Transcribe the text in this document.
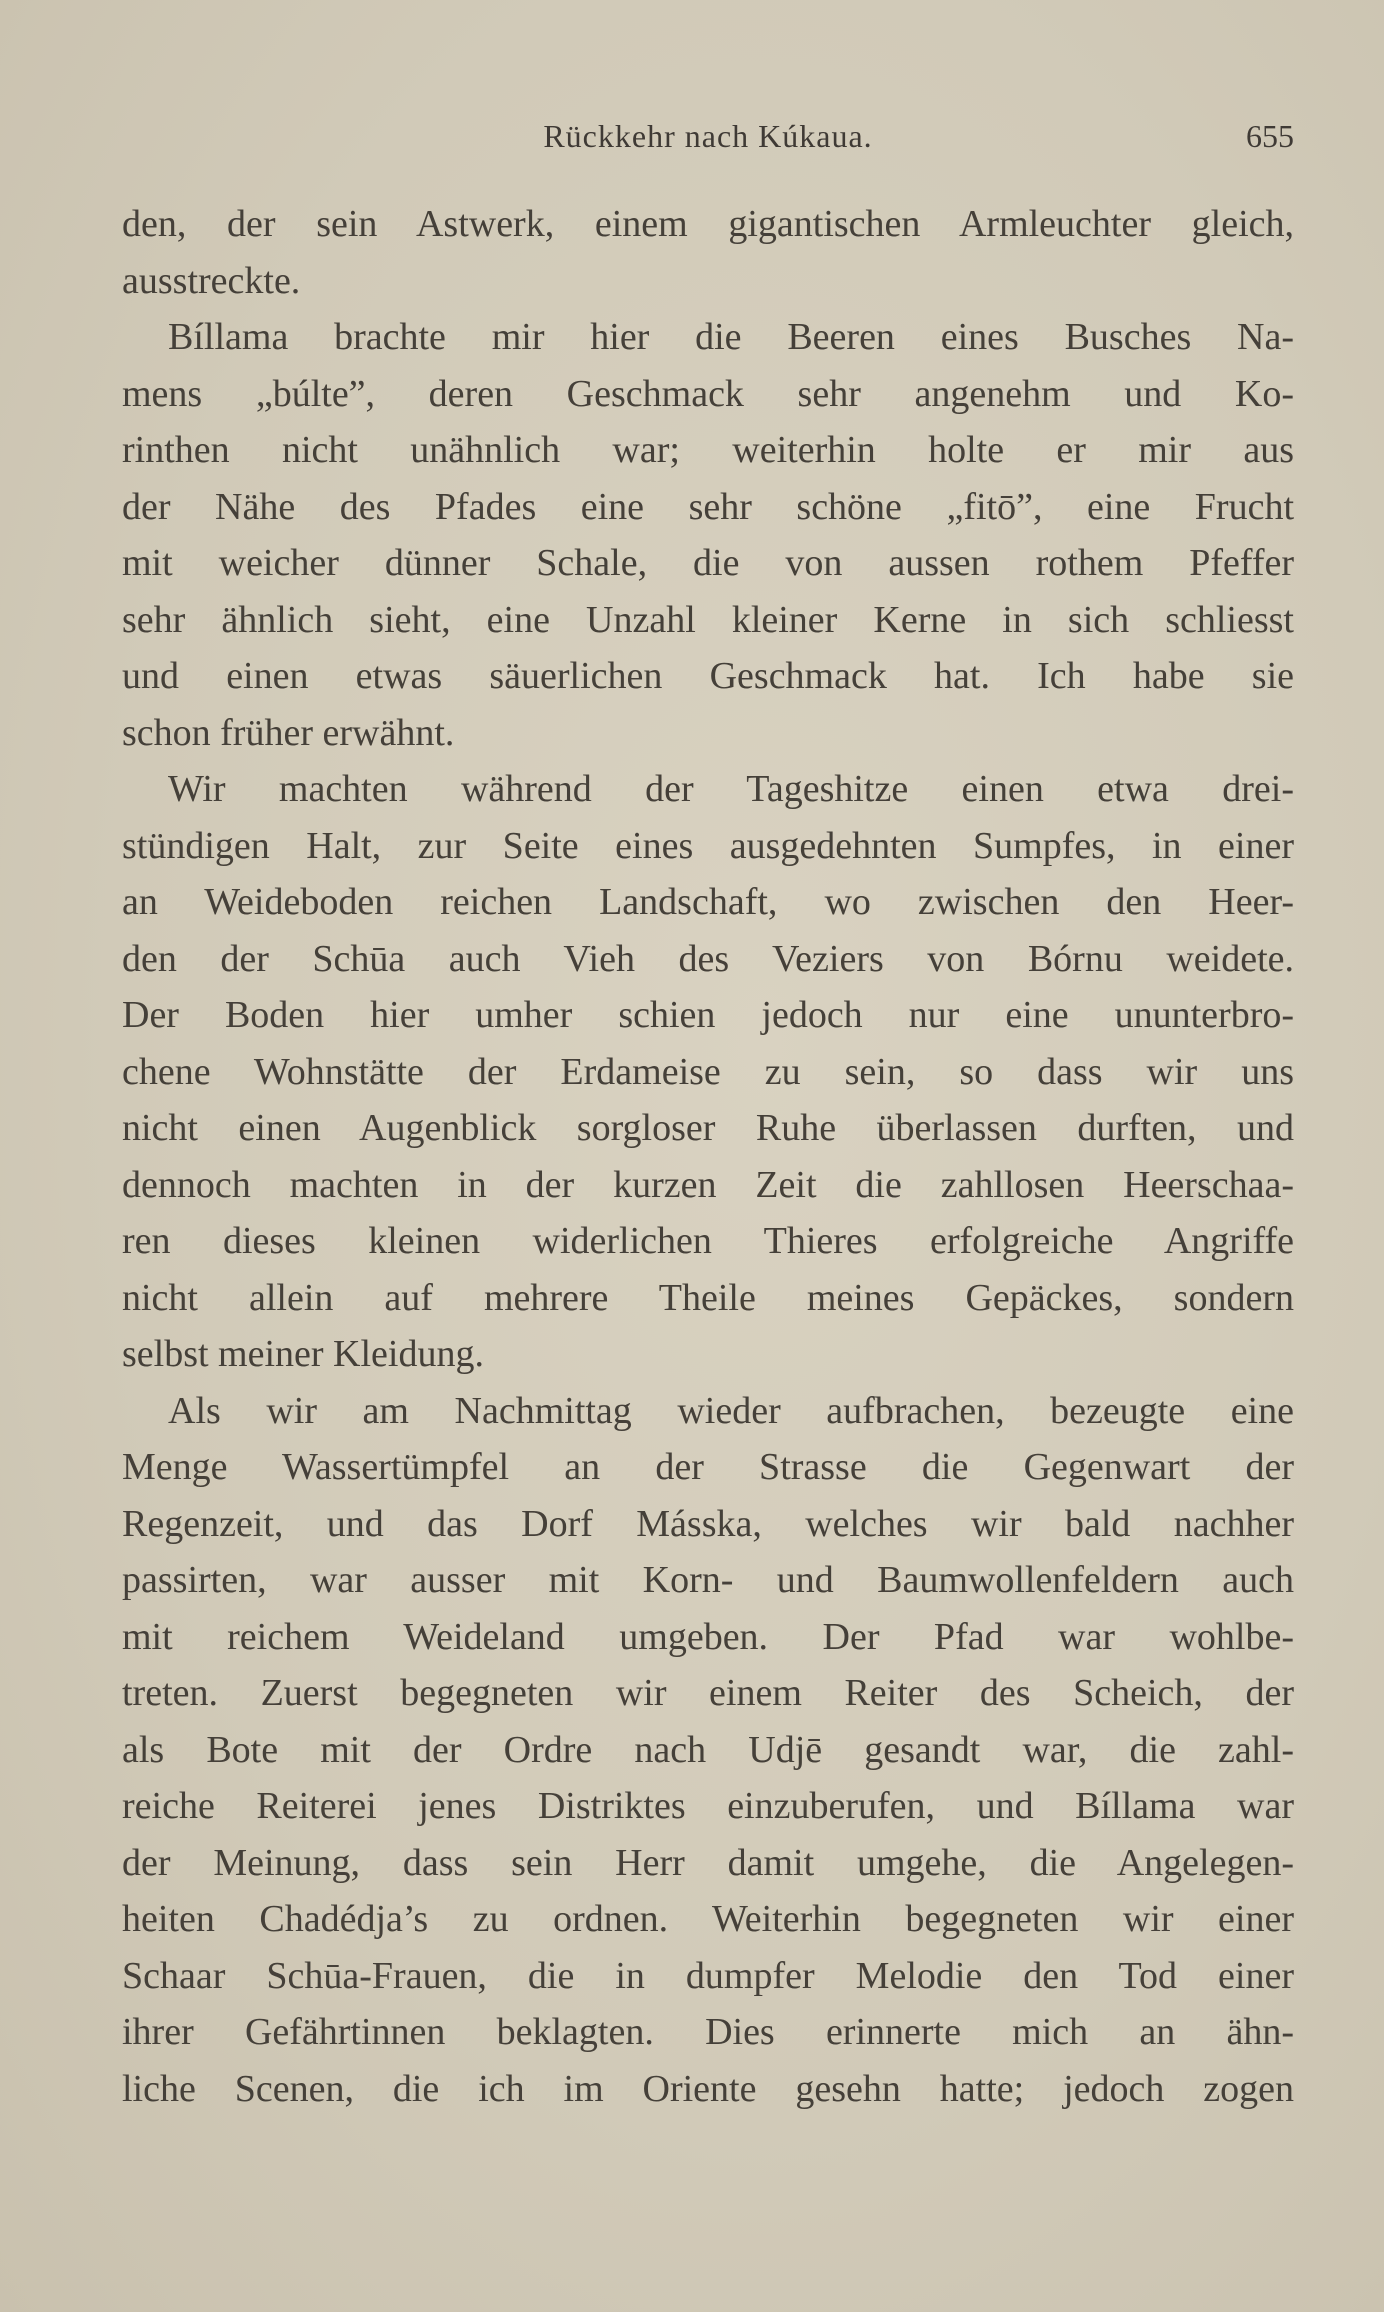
Rückkehr nach Kúkaua.	655
den, der sein Astwerk, einem gigantischen Armleuchter gleich,
ausstreckte.
Bíllama brachte mir hier die Beeren eines Busches Na-
mens „búlte”, deren Geschmack sehr angenehm und Ko-
rinthen nicht unähnlich war; weiterhin holte er mir aus
der Nähe des Pfades eine sehr schöne „fitō”, eine Frucht
mit weicher dünner Schale, die von aussen rothem Pfeffer
sehr ähnlich sieht, eine Unzahl kleiner Kerne in sich schliesst
und einen etwas säuerlichen Geschmack hat. Ich habe sie
schon früher erwähnt.
Wir machten während der Tageshitze einen etwa drei-
stündigen Halt, zur Seite eines ausgedehnten Sumpfes, in einer
an Weideboden reichen Landschaft, wo zwischen den Heer-
den der Schūa auch Vieh des Veziers von Bórnu weidete.
Der Boden hier umher schien jedoch nur eine ununterbro-
chene Wohnstätte der Erdameise zu sein, so dass wir uns
nicht einen Augenblick sorgloser Ruhe überlassen durften, und
dennoch machten in der kurzen Zeit die zahllosen Heerschaa-
ren dieses kleinen widerlichen Thieres erfolgreiche Angriffe
nicht allein auf mehrere Theile meines Gepäckes, sondern
selbst meiner Kleidung.
Als wir am Nachmittag wieder aufbrachen, bezeugte eine
Menge Wassertümpfel an der Strasse die Gegenwart der
Regenzeit, und das Dorf Másska, welches wir bald nachher
passirten, war ausser mit Korn- und Baumwollenfeldern auch
mit reichem Weideland umgeben. Der Pfad war wohlbe-
treten. Zuerst begegneten wir einem Reiter des Scheich, der
als Bote mit der Ordre nach Udjē gesandt war, die zahl-
reiche Reiterei jenes Distriktes einzuberufen, und Bíllama war
der Meinung, dass sein Herr damit umgehe, die Angelegen-
heiten Chadédja’s zu ordnen. Weiterhin begegneten wir einer
Schaar Schūa-Frauen, die in dumpfer Melodie den Tod einer
ihrer Gefährtinnen beklagten. Dies erinnerte mich an ähn-
liche Scenen, die ich im Oriente gesehn hatte; jedoch zogen
